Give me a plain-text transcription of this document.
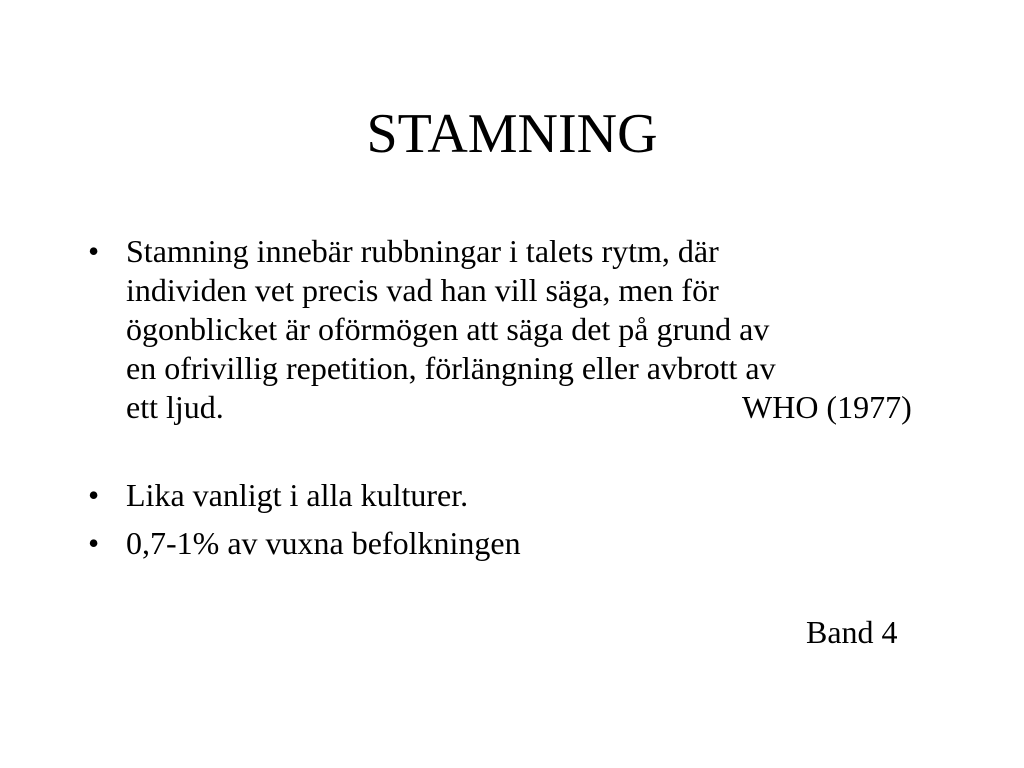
STAMNING
• Stamning innebär rubbningar i talets rytm, där
individen vet precis vad han vill säga, men för
ögonblicket är oförmögen att säga det på grund av
en ofrivillig repetition, förlängning eller avbrott av
ett ljud.	WHO (1977)
• Lika vanligt i alla kulturer.
• 0,7-1% av vuxna befolkningen
Band 4
